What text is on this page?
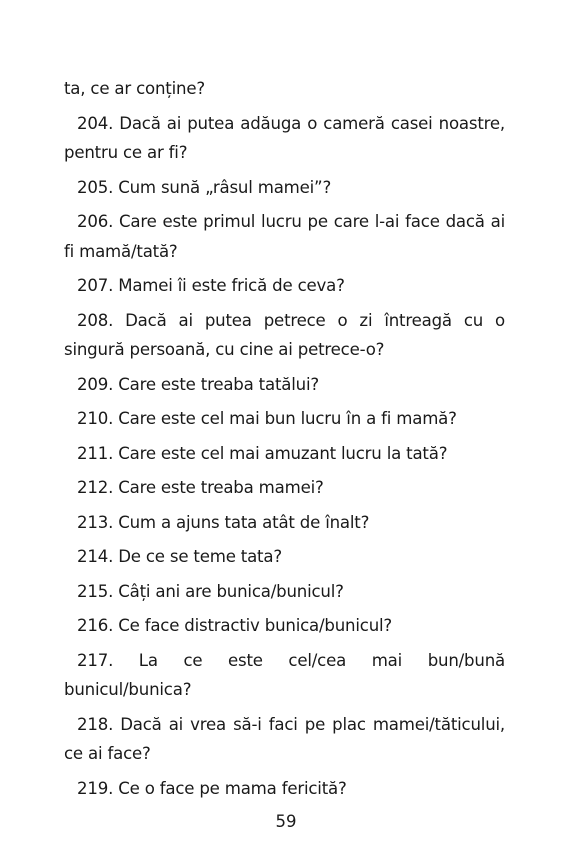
ta, ce ar conține?

204. Dacă ai putea adăuga o cameră casei noastre, pentru ce ar fi?

205. Cum sună „râsul mamei”?

206. Care este primul lucru pe care l-ai face dacă ai fi mamă/tată?

207. Mamei îi este frică de ceva?

208. Dacă ai putea petrece o zi întreagă cu o singură persoană, cu cine ai petrece-o?

209. Care este treaba tatălui?

210. Care este cel mai bun lucru în a fi mamă?

211. Care este cel mai amuzant lucru la tată?

212. Care este treaba mamei?

213. Cum a ajuns tata atât de înalt?

214. De ce se teme tata?

215. Câți ani are bunica/bunicul?

216. Ce face distractiv bunica/bunicul?

217. La ce este cel/cea mai bun/bună bunicul/bunica?

218. Dacă ai vrea să-i faci pe plac mamei/tăticului, ce ai face?

219. Ce o face pe mama fericită?

59
